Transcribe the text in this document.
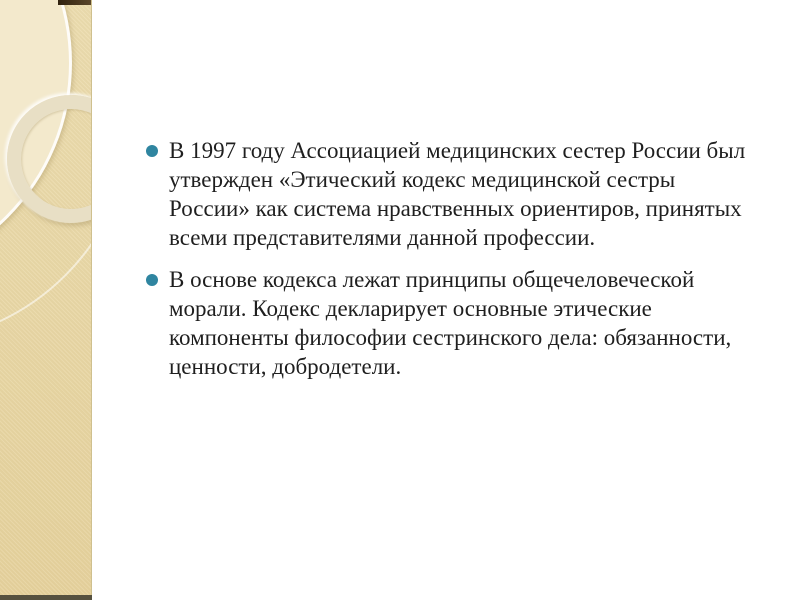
В 1997 году Ассоциацией медицинских сестер России был утвержден «Этический кодекс медицинской сестры России» как система нравственных ориентиров, принятых всеми представителями данной профессии.
В основе кодекса лежат принципы общечеловеческой морали. Кодекс декларирует основные этические компоненты философии сестринского дела: обязанности, ценности, добродетели.
